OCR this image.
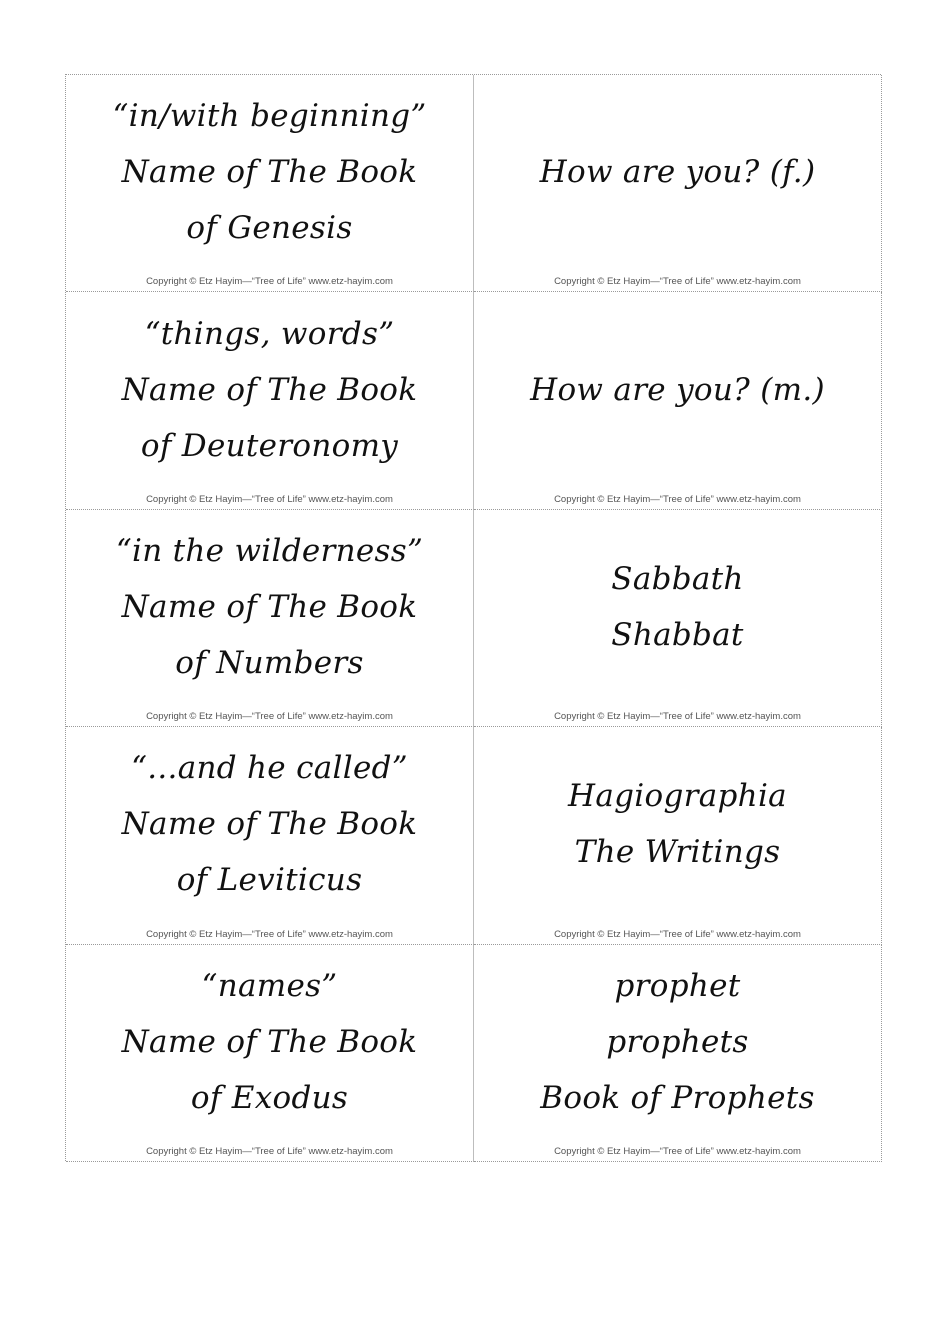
“in/with beginning”
Name of The Book
of Genesis
Copyright © Etz Hayim—“Tree of Life” www.etz-hayim.com
How are you? (f.)
Copyright © Etz Hayim—“Tree of Life” www.etz-hayim.com
“things, words”
Name of The Book
of Deuteronomy
Copyright © Etz Hayim—“Tree of Life” www.etz-hayim.com
How are you? (m.)
Copyright © Etz Hayim—“Tree of Life” www.etz-hayim.com
“in the wilderness”
Name of The Book
of Numbers
Copyright © Etz Hayim—“Tree of Life” www.etz-hayim.com
Sabbath
Shabbat
Copyright © Etz Hayim—“Tree of Life” www.etz-hayim.com
“...and he called”
Name of The Book
of Leviticus
Copyright © Etz Hayim—“Tree of Life” www.etz-hayim.com
Hagiographia
The Writings
Copyright © Etz Hayim—“Tree of Life” www.etz-hayim.com
“names”
Name of The Book
of Exodus
Copyright © Etz Hayim—“Tree of Life” www.etz-hayim.com
prophet
prophets
Book of Prophets
Copyright © Etz Hayim—“Tree of Life” www.etz-hayim.com
